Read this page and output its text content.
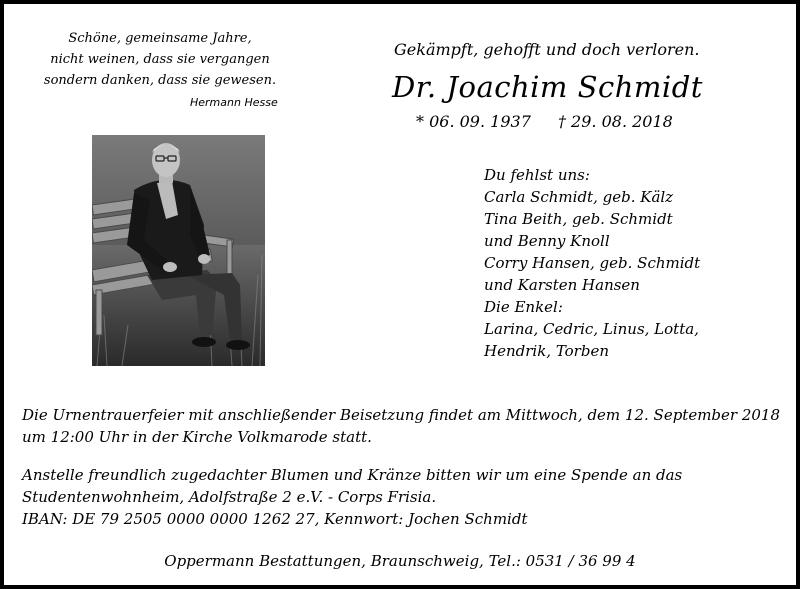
Schöne, gemeinsame Jahre,
nicht weinen, dass sie vergangen
sondern danken, dass sie gewesen.
Hermann Hesse
Gekämpft, gehofft und doch verloren.
Dr. Joachim Schmidt
* 06. 09. 1937 † 29. 08. 2018
Du fehlst uns:
Carla Schmidt, geb. Kälz
Tina Beith, geb. Schmidt
und Benny Knoll
Corry Hansen, geb. Schmidt
und Karsten Hansen
Die Enkel:
Larina, Cedric, Linus, Lotta,
Hendrik, Torben
Die Urnentrauerfeier mit anschließender Beisetzung findet am Mittwoch, dem 12. September 2018 um 12:00 Uhr in der Kirche Volkmarode statt.
Anstelle freundlich zugedachter Blumen und Kränze bitten wir um eine Spende an das
Studentenwohnheim, Adolfstraße 2 e.V. - Corps Frisia.
IBAN: DE 79 2505 0000 0000 1262 27, Kennwort: Jochen Schmidt
Oppermann Bestattungen, Braunschweig, Tel.: 0531 / 36 99 4
